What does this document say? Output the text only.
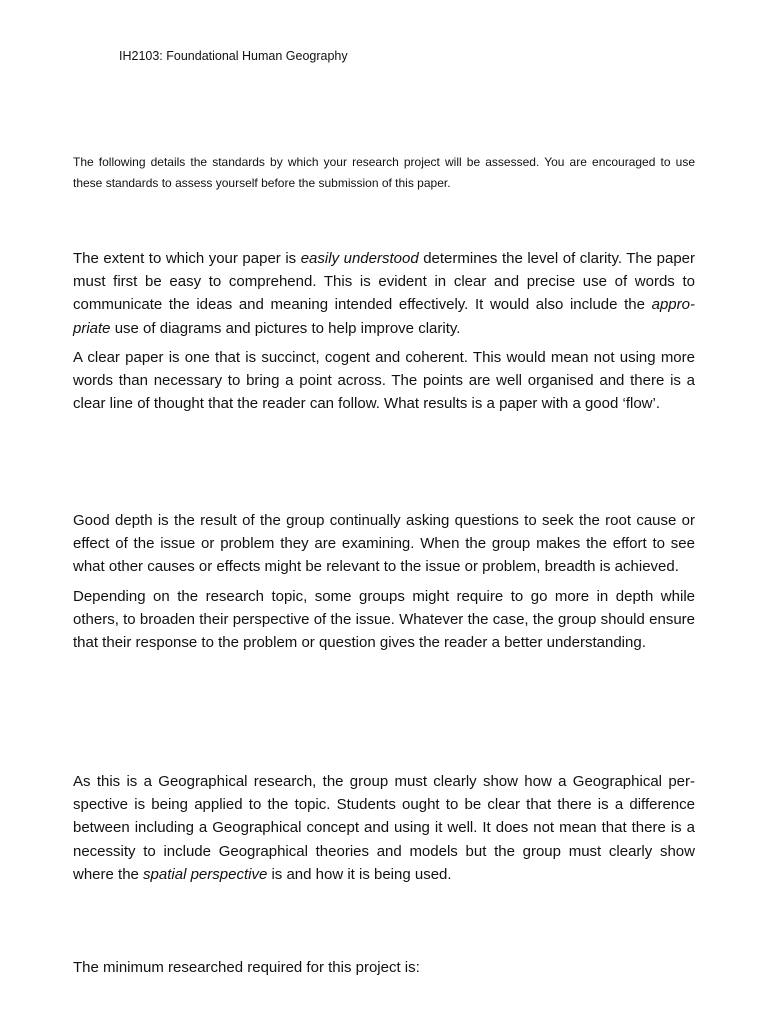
IH2103: Foundational Human Geography

The following details the standards by which your research project will be assessed. You are encouraged to use these standards to assess yourself before the submission of this paper.

The extent to which your paper is easily understood determines the level of clarity. The paper must first be easy to comprehend. This is evident in clear and precise use of words to communicate the ideas and meaning intended effectively. It would also include the appropriate use of diagrams and pictures to help improve clarity.

A clear paper is one that is succinct, cogent and coherent. This would mean not using more words than necessary to bring a point across. The points are well organised and there is a clear line of thought that the reader can follow. What results is a paper with a good ‘flow’.

Good depth is the result of the group continually asking questions to seek the root cause or effect of the issue or problem they are examining. When the group makes the effort to see what other causes or effects might be relevant to the issue or problem, breadth is achieved.

Depending on the research topic, some groups might require to go more in depth while others, to broaden their perspective of the issue. Whatever the case, the group should ensure that their response to the problem or question gives the reader a better understanding.

As this is a Geographical research, the group must clearly show how a Geographical perspective is being applied to the topic. Students ought to be clear that there is a difference between including a Geographical concept and using it well. It does not mean that there is a necessity to include Geographical theories and models but the group must clearly show where the spatial perspective is and how it is being used.

The minimum researched required for this project is:
